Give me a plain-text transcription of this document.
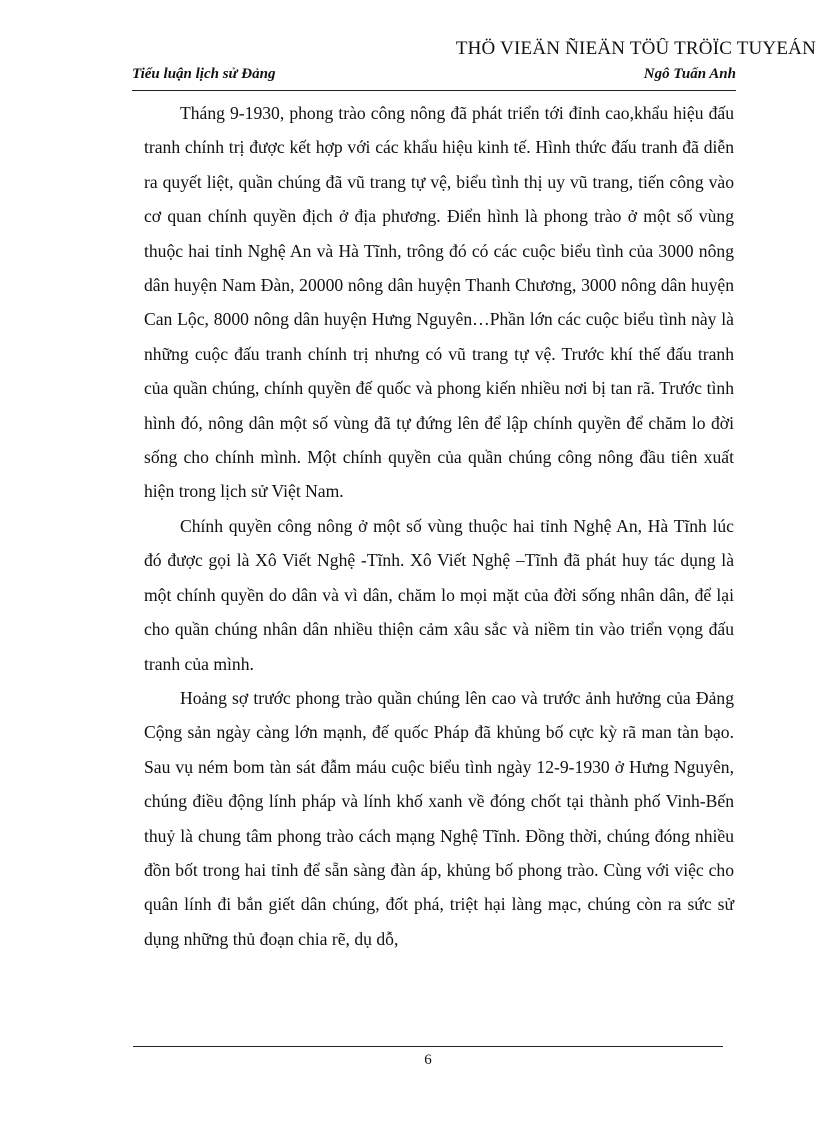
THÖ VIEÄN ÑIEÄN TÖÛ TRÖÏC TUYEÁN
Tiểu luận lịch sử Đảng	Ngô Tuấn Anh

Tháng 9-1930, phong trào công nông đã phát triển tới đỉnh cao,khẩu hiệu đấu tranh chính trị được kết hợp với các khẩu hiệu kinh tế. Hình thức đấu tranh đã diễn ra quyết liệt, quần chúng đã vũ trang tự vệ, biểu tình thị uy vũ trang, tiến công vào cơ quan chính quyền địch ở địa phương. Điển hình là phong trào ở một số vùng thuộc hai tỉnh Nghệ An và Hà Tĩnh, trông đó có các cuộc biểu tình của 3000 nông dân huyện Nam Đàn, 20000 nông dân huyện Thanh Chương, 3000 nông dân huyện Can Lộc, 8000 nông dân huyện Hưng Nguyên…Phần lớn các cuộc biểu tình này là những cuộc đấu tranh chính trị nhưng có vũ trang tự vệ. Trước khí thế đấu tranh của quần chúng, chính quyền đế quốc và phong kiến nhiều nơi bị tan rã. Trước tình hình đó, nông dân một số vùng đã tự đứng lên để lập chính quyền để chăm lo đời sống cho chính mình. Một chính quyền của quần chúng công nông đầu tiên xuất hiện trong lịch sử Việt Nam.

Chính quyền công nông ở một số vùng thuộc hai tỉnh Nghệ An, Hà Tĩnh lúc đó được gọi là Xô Viết Nghệ -Tĩnh. Xô Viết Nghệ –Tĩnh đã phát huy tác dụng là một chính quyền do dân và vì dân, chăm lo mọi mặt của đời sống nhân dân, để lại cho quần chúng nhân dân nhiều thiện cảm xâu sắc và niềm tin vào triển vọng đấu tranh của mình.

Hoảng sợ trước phong trào quần chúng lên cao và trước ảnh hưởng của Đảng Cộng sản ngày càng lớn mạnh, đế quốc Pháp đã khủng bố cực kỳ rã man tàn bạo. Sau vụ ném bom tàn sát đẫm máu cuộc biểu tình ngày 12-9-1930 ở Hưng Nguyên, chúng điều động lính pháp và lính khố xanh về đóng chốt tại thành phố Vinh-Bến thuỷ là chung tâm phong trào cách mạng Nghệ Tĩnh. Đồng thời, chúng đóng nhiều đồn bốt trong hai tỉnh để sẵn sàng đàn áp, khủng bố phong trào. Cùng với việc cho quân lính đi bắn giết dân chúng, đốt phá, triệt hại làng mạc, chúng còn ra sức sử dụng những thủ đoạn chia rẽ, dụ dỗ,

6
